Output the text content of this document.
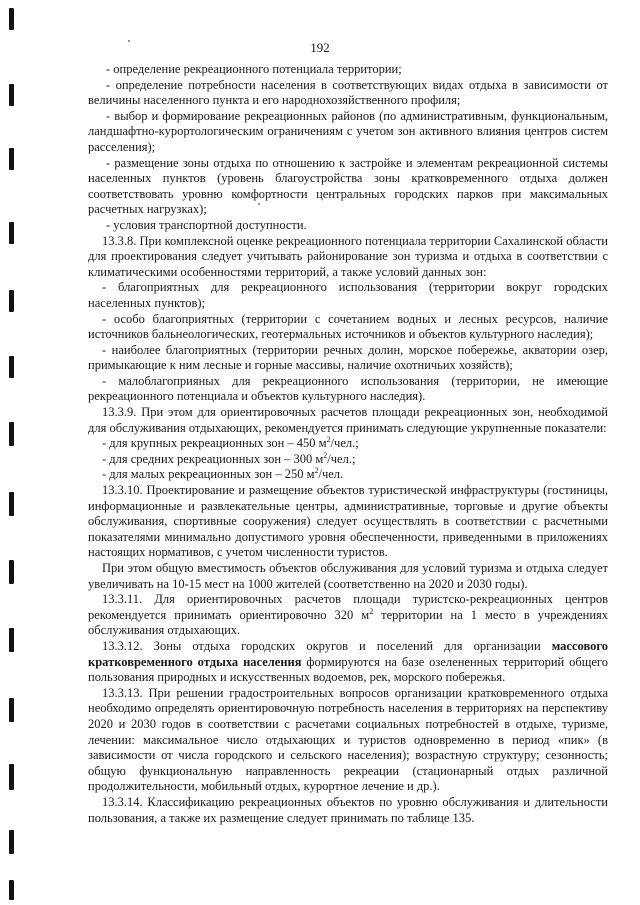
192

- определение рекреационного потенциала территории;

- определение потребности населения в соответствующих видах отдыха в зависимости от величины населенного пункта и его народнохозяйственного профиля;

- выбор и формирование рекреационных районов (по административным, функциональным, ландшафтно-курортологическим ограничениям с учетом зон активного влияния центров систем расселения);

- размещение зоны отдыха по отношению к застройке и элементам рекреационной системы населенных пунктов (уровень благоустройства зоны кратковременного отдыха должен соответствовать уровню комфортности центральных городских парков при максимальных расчетных нагрузках);

- условия транспортной доступности.

13.3.8. При комплексной оценке рекреационного потенциала территории Сахалинской области для проектирования следует учитывать районирование зон туризма и отдыха в соответствии с климатическими особенностями территорий, а также условий данных зон:

- благоприятных для рекреационного использования (территории вокруг городских населенных пунктов);

- особо благоприятных (территории с сочетанием водных и лесных ресурсов, наличие источников бальнеологических, геотермальных источников и объектов культурного наследия);

- наиболее благоприятных (территории речных долин, морское побережье, акватории озер, примыкающие к ним лесные и горные массивы, наличие охотничьих хозяйств);

- малоблагоприяных для рекреационного использования (территории, не имеющие рекреационного потенциала и объектов культурного наследия).

13.3.9. При этом для ориентировочных расчетов площади рекреационных зон, необходимой для обслуживания отдыхающих, рекомендуется принимать следующие укрупненные показатели:

- для крупных рекреационных зон – 450 $м^2$/чел.;

- для средних рекреационных зон – 300 $м^2$/чел.;

- для малых рекреационных зон – 250 $м^2$/чел.

13.3.10. Проектирование и размещение объектов туристической инфраструктуры (гостиницы, информационные и развлекательные центры, административные, торговые и другие объекты обслуживания, спортивные сооружения) следует осуществлять в соответствии с расчетными показателями минимально допустимого уровня обеспеченности, приведенными в приложениях настоящих нормативов, с учетом численности туристов.

При этом общую вместимость объектов обслуживания для условий туризма и отдыха следует увеличивать на 10-15 мест на 1000 жителей (соответственно на 2020 и 2030 годы).

13.3.11. Для ориентировочных расчетов площади туристско-рекреационных центров рекомендуется принимать ориентировочно 320 $м^2$ территории на 1 место в учреждениях обслуживания отдыхающих.

13.3.12. Зоны отдыха городских округов и поселений для организации массового кратковременного отдыха населения формируются на базе озелененных территорий общего пользования природных и искусственных водоемов, рек, морского побережья.

13.3.13. При решении градостроительных вопросов организации кратковременного отдыха необходимо определять ориентировочную потребность населения в территориях на перспективу 2020 и 2030 годов в соответствии с расчетами социальных потребностей в отдыхе, туризме, лечении: максимальное число отдыхающих и туристов одновременно в период «пик» (в зависимости от числа городского и сельского населения); возрастную структуру; сезонность; общую функциональную направленность рекреации (стационарный отдых различной продолжительности, мобильный отдых, курортное лечение и др.).

13.3.14. Классификацию рекреационных объектов по уровню обслуживания и длительности пользования, а также их размещение следует принимать по таблице 135.
